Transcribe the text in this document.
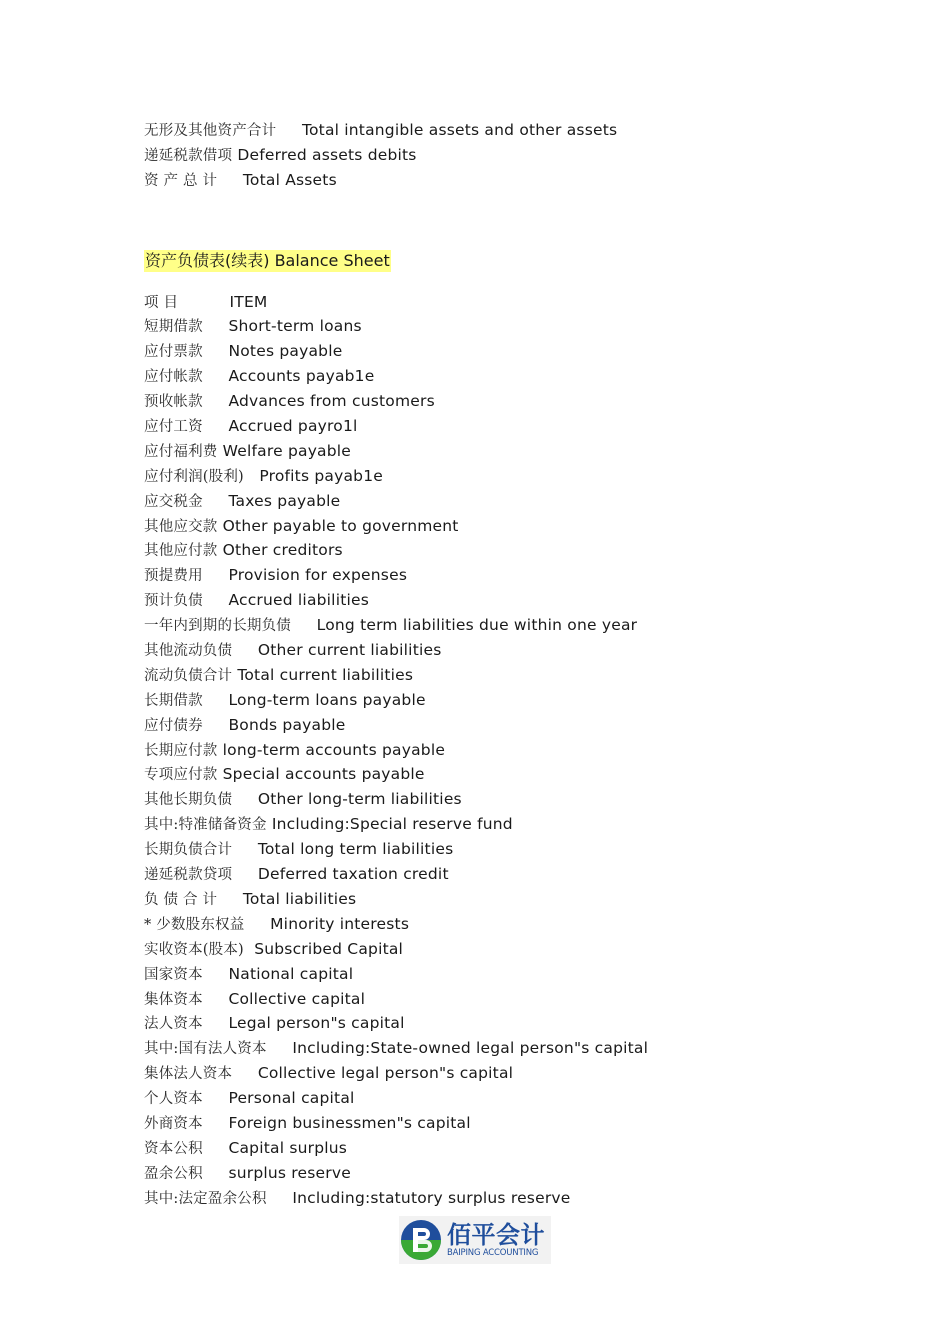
无形及其他资产合计 Total intangible assets and other assets
递延税款借项 Deferred assets debits
资 产 总 计 Total Assets
资产负债表(续表) Balance Sheet
项 目	ITEM
短期借款 Short-term loans
应付票款 Notes payable
应付帐款 Accounts payab1e
预收帐款 Advances from customers
应付工资 Accrued payro1l
应付福利费 Welfare payable
应付利润(股利) Profits payab1e
应交税金 Taxes payable
其他应交款 Other payable to government
其他应付款 Other creditors
预提费用 Provision for expenses
预计负债 Accrued liabilities
一年内到期的长期负债 Long term liabilities due within one year
其他流动负债 Other current liabilities
流动负债合计 Total current liabilities
长期借款 Long-term loans payable
应付债券 Bonds payable
长期应付款 long-term accounts payable
专项应付款 Special accounts payable
其他长期负债 Other long-term liabilities
其中:特准储备资金 Including:Special reserve fund
长期负债合计 Total long term liabilities
递延税款贷项 Deferred taxation credit
负 债 合 计 Total liabilities
* 少数股东权益 Minority interests
实收资本(股本) Subscribed Capital
国家资本 National capital
集体资本 Collective capital
法人资本 Legal person"s capital
其中:国有法人资本 Including:State-owned legal person"s capital
集体法人资本 Collective legal person"s capital
个人资本 Personal capital
外商资本 Foreign businessmen"s capital
资本公积 Capital surplus
盈余公积 surplus reserve
其中:法定盈余公积 Including:statutory surplus reserve
佰平会计
BAIPING ACCOUNTING
